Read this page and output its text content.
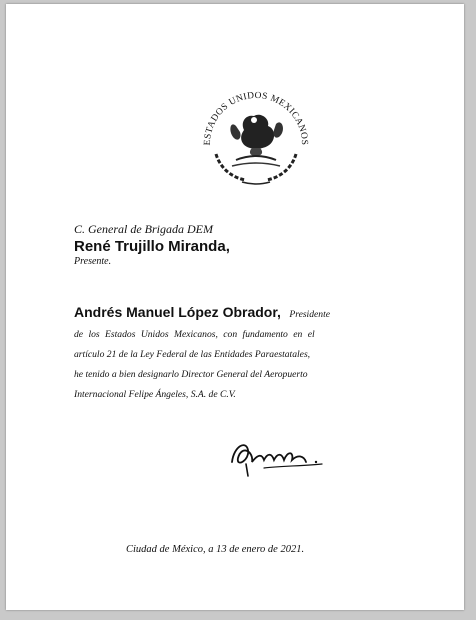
ESTADOS UNIDOS MEXICANOS
C. General de Brigada DEM
René Trujillo Miranda,
Presente.
Andrés Manuel López Obrador, Presidente
de los Estados Unidos Mexicanos, con fundamento en el
artículo 21 de la Ley Federal de las Entidades Paraestatales,
he tenido a bien designarlo Director General del Aeropuerto
Internacional Felipe Ángeles, S.A. de C.V.
Ciudad de México, a 13 de enero de 2021.
